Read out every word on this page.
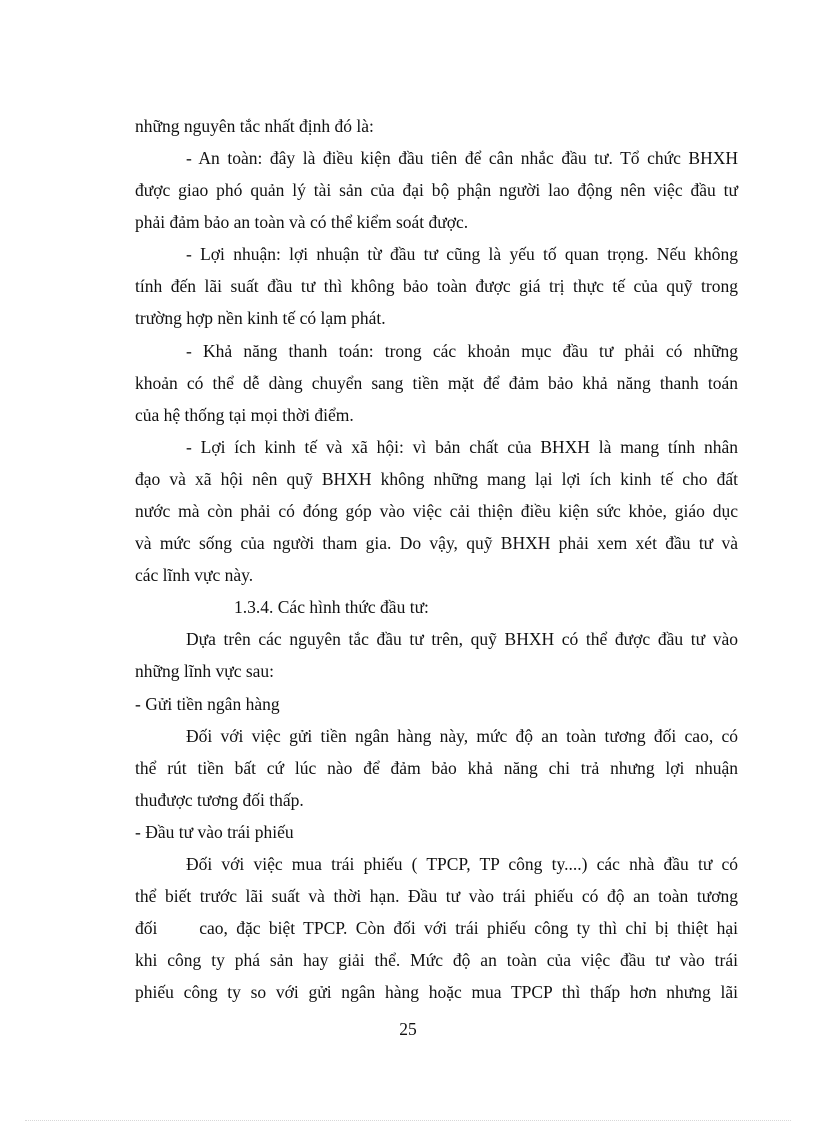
những nguyên tắc nhất định đó là:
- An toàn: đây là điều kiện đầu tiên để cân nhắc đầu tư. Tổ chức BHXH
được giao phó quản lý tài sản của đại bộ phận người lao động nên việc đầu tư
phải đảm bảo an toàn và có thể kiểm soát được.
- Lợi nhuận: lợi nhuận từ đầu tư cũng là yếu tố quan trọng. Nếu không
tính đến lãi suất đầu tư thì không bảo toàn được giá trị thực tế của quỹ trong
trường hợp nền kinh tế có lạm phát.
- Khả năng thanh toán: trong các khoản mục đầu tư phải có những
khoản có thể dễ dàng chuyển sang tiền mặt để đảm bảo khả năng thanh toán
của hệ thống tại mọi thời điểm.
- Lợi ích kinh tế và xã hội: vì bản chất của BHXH là mang tính nhân
đạo và xã hội nên quỹ BHXH không những mang lại lợi ích kinh tế cho đất
nước mà còn phải có đóng góp vào việc cải thiện điều kiện sức khỏe, giáo dục
và mức sống của người tham gia. Do vậy, quỹ BHXH phải xem xét đầu tư và
các lĩnh vực này.
1.3.4. Các hình thức đầu tư:
Dựa trên các nguyên tắc đầu tư trên, quỹ BHXH có thể được đầu tư vào
những lĩnh vực sau:
- Gửi tiền ngân hàng
Đối với việc gửi tiền ngân hàng này, mức độ an toàn tương đối cao, có
thể rút tiền bất cứ lúc nào để đảm bảo khả năng chi trả nhưng lợi nhuận
thuđược tương đối thấp.
- Đầu tư vào trái phiếu
Đối với việc mua trái phiếu ( TPCP, TP công ty....) các nhà đầu tư có
thể biết trước lãi suất và thời hạn. Đầu tư vào trái phiếu có độ an toàn tương
đối     cao, đặc biệt TPCP. Còn đối với trái phiếu công ty thì chỉ bị thiệt hại
khi công ty phá sản hay giải thể. Mức độ an toàn của việc đầu tư vào trái
phiếu công ty so với gửi ngân hàng hoặc mua TPCP thì thấp hơn nhưng lãi
25
